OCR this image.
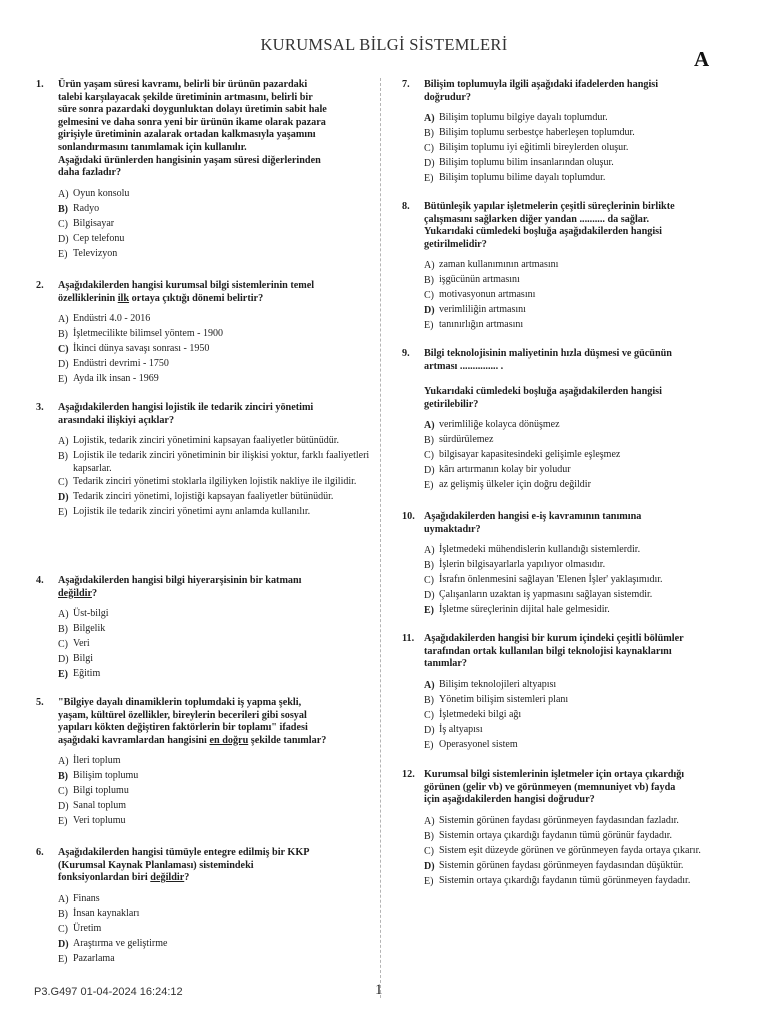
KURUMSAL BİLGİ SİSTEMLERİ
A
1.	Ürün yaşam süresi kavramı, belirli bir ürünün pazardaki
talebi karşılayacak şekilde üretiminin artmasını, belirli bir
süre sonra pazardaki doygunluktan dolayı üretimin sabit hale
gelmesini ve daha sonra yeni bir ürünün ikame olarak pazara
girişiyle üretiminin azalarak ortadan kalkmasıyla yaşamını
sonlandırmasını tanımlamak için kullanılır.
Aşağıdaki ürünlerden hangisinin yaşam süresi diğerlerinden
daha fazladır?
A) Oyun konsolu
B) Radyo
C) Bilgisayar
D) Cep telefonu
E) Televizyon
2.	Aşağıdakilerden hangisi kurumsal bilgi sistemlerinin temel
özelliklerinin ilk ortaya çıktığı dönemi belirtir?
A) Endüstri 4.0 - 2016
B) İşletmecilikte bilimsel yöntem - 1900
C) İkinci dünya savaşı sonrası - 1950
D) Endüstri devrimi - 1750
E) Ayda ilk insan - 1969
3.	Aşağıdakilerden hangisi lojistik ile tedarik zinciri yönetimi
arasındaki ilişkiyi açıklar?
A) Lojistik, tedarik zinciri yönetimini kapsayan faaliyetler bütünüdür.
B) Lojistik ile tedarik zinciri yönetiminin bir ilişkisi yoktur, farklı faaliyetleri kapsarlar.
C) Tedarik zinciri yönetimi stoklarla ilgiliyken lojistik nakliye ile ilgilidir.
D) Tedarik zinciri yönetimi, lojistiği kapsayan faaliyetler bütünüdür.
E) Lojistik ile tedarik zinciri yönetimi aynı anlamda kullanılır.
4.	Aşağıdakilerden hangisi bilgi hiyerarşisinin bir katmanı
değildir?
A) Üst-bilgi
B) Bilgelik
C) Veri
D) Bilgi
E) Eğitim
5.	"Bilgiye dayalı dinamiklerin toplumdaki iş yapma şekli,
yaşam, kültürel özellikler, bireylerin becerileri gibi sosyal
yapıları kökten değiştiren faktörlerin bir toplamı" ifadesi
aşağıdaki kavramlardan hangisini en doğru şekilde tanımlar?
A) İleri toplum
B) Bilişim toplumu
C) Bilgi toplumu
D) Sanal toplum
E) Veri toplumu
6.	Aşağıdakilerden hangisi tümüyle entegre edilmiş bir KKP
(Kurumsal Kaynak Planlaması) sistemindeki
fonksiyonlardan biri değildir?
A) Finans
B) İnsan kaynakları
C) Üretim
D) Araştırma ve geliştirme
E) Pazarlama
7.	Bilişim toplumuyla ilgili aşağıdaki ifadelerden hangisi
doğrudur?
A) Bilişim toplumu bilgiye dayalı toplumdur.
B) Bilişim toplumu serbestçe haberleşen toplumdur.
C) Bilişim toplumu iyi eğitimli bireylerden oluşur.
D) Bilişim toplumu bilim insanlarından oluşur.
E) Bilişim toplumu bilime dayalı toplumdur.
8.	Bütünleşik yapılar işletmelerin çeşitli süreçlerinin birlikte
çalışmasını sağlarken diğer yandan .......... da sağlar.
Yukarıdaki cümledeki boşluğa aşağıdakilerden hangisi
getirilmelidir?
A) zaman kullanımının artmasını
B) işgücünün artmasını
C) motivasyonun artmasını
D) verimliliğin artmasını
E) tanınırlığın artmasını
9.	Bilgi teknolojisinin maliyetinin hızla düşmesi ve gücünün
artması ............... .
Yukarıdaki cümledeki boşluğa aşağıdakilerden hangisi
getirilebilir?
A) verimliliğe kolayca dönüşmez
B) sürdürülemez
C) bilgisayar kapasitesindeki gelişimle eşleşmez
D) kârı artırmanın kolay bir yoludur
E) az gelişmiş ülkeler için doğru değildir
10. Aşağıdakilerden hangisi e-iş kavramının tanımına
uymaktadır?
A) İşletmedeki mühendislerin kullandığı sistemlerdir.
B) İşlerin bilgisayarlarla yapılıyor olmasıdır.
C) İsrafın önlenmesini sağlayan 'Elenen İşler' yaklaşımıdır.
D) Çalışanların uzaktan iş yapmasını sağlayan sistemdir.
E) İşletme süreçlerinin dijital hale gelmesidir.
11. Aşağıdakilerden hangisi bir kurum içindeki çeşitli bölümler
tarafından ortak kullanılan bilgi teknolojisi kaynaklarını
tanımlar?
A) Bilişim teknolojileri altyapısı
B) Yönetim bilişim sistemleri planı
C) İşletmedeki bilgi ağı
D) İş altyapısı
E) Operasyonel sistem
12. Kurumsal bilgi sistemlerinin işletmeler için ortaya çıkardığı
görünen (gelir vb) ve görünmeyen (memnuniyet vb) fayda
için aşağıdakilerden hangisi doğrudur?
A) Sistemin görünen faydası görünmeyen faydasından fazladır.
B) Sistemin ortaya çıkardığı faydanın tümü görünür faydadır.
C) Sistem eşit düzeyde görünen ve görünmeyen fayda ortaya çıkarır.
D) Sistemin görünen faydası görünmeyen faydasından düşüktür.
E) Sistemin ortaya çıkardığı faydanın tümü görünmeyen faydadır.
P3.G497 01-04-2024 16:24:12	1
